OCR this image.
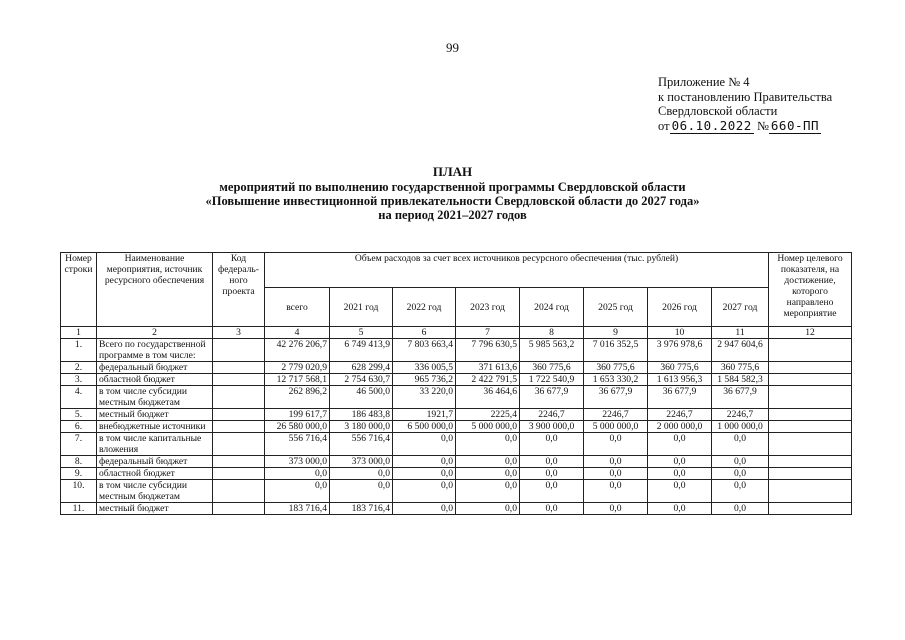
99
Приложение № 4
к постановлению Правительства
Свердловской области
от 06.10.2022 № 660-ПП
ПЛАН
мероприятий по выполнению государственной программы Свердловской области
«Повышение инвестиционной привлекательности Свердловской области до 2027 года»
на период 2021–2027 годов
Номер строки	Наименование мероприятия, источник ресурсного обеспечения	Код федераль-ного проекта	Объем расходов за счет всех источников ресурсного обеспечения (тыс. рублей)								Номер целевого показателя, на достижение, которого направлено мероприятие
			всего	2021 год	2022 год	2023 год	2024 год	2025 год	2026 год	2027 год	
1	2	3	4	5	6	7	8	9	10	11	12
1.	Всего по государственной программе в том числе:		42 276 206,7	6 749 413,9	7 803 663,4	7 796 630,5	5 985 563,2	7 016 352,5	3 976 978,6	2 947 604,6	
2.	федеральный бюджет		2 779 020,9	628 299,4	336 005,5	371 613,6	360 775,6	360 775,6	360 775,6	360 775,6	
3.	областной бюджет		12 717 568,1	2 754 630,7	965 736,2	2 422 791,5	1 722 540,9	1 653 330,2	1 613 956,3	1 584 582,3	
4.	в том числе субсидии местным бюджетам		262 896,2	46 500,0	33 220,0	36 464,6	36 677,9	36 677,9	36 677,9	36 677,9	
5.	местный бюджет		199 617,7	186 483,8	1921,7	2225,4	2246,7	2246,7	2246,7	2246,7	
6.	внебюджетные источники		26 580 000,0	3 180 000,0	6 500 000,0	5 000 000,0	3 900 000,0	5 000 000,0	2 000 000,0	1 000 000,0	
7.	в том числе капитальные вложения		556 716,4	556 716,4	0,0	0,0	0,0	0,0	0,0	0,0	
8.	федеральный бюджет		373 000,0	373 000,0	0,0	0,0	0,0	0,0	0,0	0,0	
9.	областной бюджет		0,0	0,0	0,0	0,0	0,0	0,0	0,0	0,0	
10.	в том числе субсидии местным бюджетам		0,0	0,0	0,0	0,0	0,0	0,0	0,0	0,0	
11.	местный бюджет		183 716,4	183 716,4	0,0	0,0	0,0	0,0	0,0	0,0	
